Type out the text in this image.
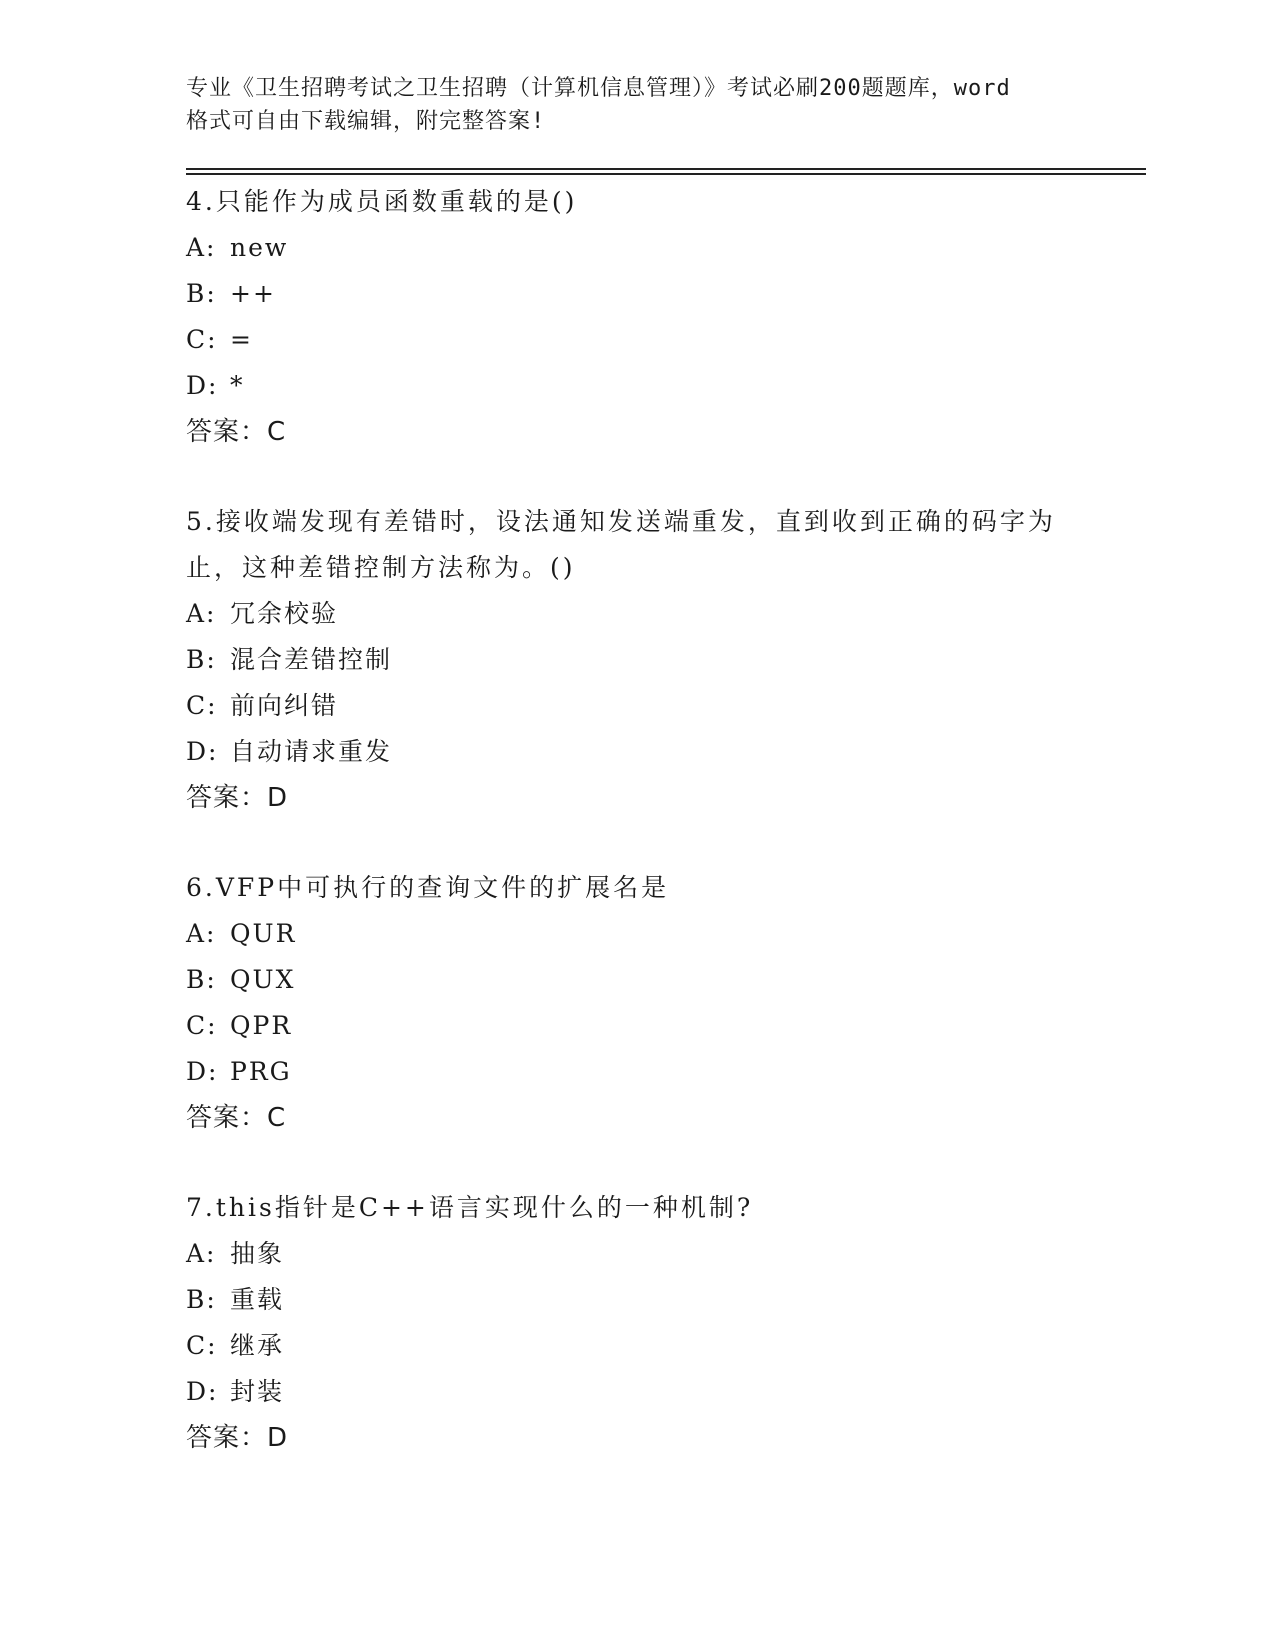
专业《卫生招聘考试之卫生招聘（计算机信息管理）》考试必刷200题题库，word
格式可自由下载编辑，附完整答案!

4.只能作为成员函数重载的是()

A: new

B: ++

C: =

D: *

答案：C

5.接收端发现有差错时，设法通知发送端重发，直到收到正确的码字为止，这种差错控制方法称为。()

A: 冗余校验

B: 混合差错控制

C: 前向纠错

D: 自动请求重发

答案：D

6.VFP中可执行的查询文件的扩展名是

A: QUR

B: QUX

C: QPR

D: PRG

答案：C

7.this指针是C++语言实现什么的一种机制?

A: 抽象

B: 重载

C: 继承

D: 封装

答案：D
